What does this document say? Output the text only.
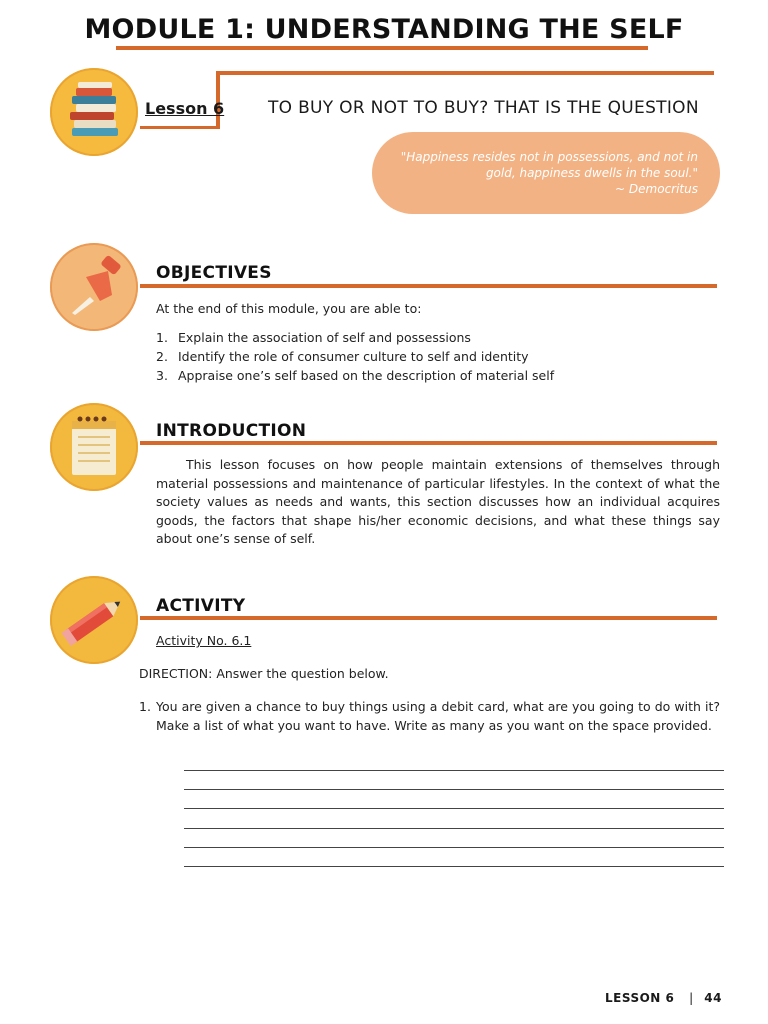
MODULE 1: UNDERSTANDING THE SELF
Lesson 6	TO BUY OR NOT TO BUY? THAT IS THE QUESTION
"Happiness resides not in possessions, and not in
gold, happiness dwells in the soul."
~ Democritus
OBJECTIVES
At the end of this module, you are able to:
1. Explain the association of self and possessions
2. Identify the role of consumer culture to self and identity
3. Appraise one’s self based on the description of material self
INTRODUCTION
This lesson focuses on how people maintain extensions of themselves through material possessions and maintenance of particular lifestyles. In the context of what the society values as needs and wants, this section discusses how an individual acquires goods, the factors that shape his/her economic decisions, and what these things say about one’s sense of self.
ACTIVITY
Activity No. 6.1
DIRECTION: Answer the question below.
1. You are given a chance to buy things using a debit card, what are you going to do with it? Make a list of what you want to have. Write as many as you want on the space provided.
LESSON 6 | 44
